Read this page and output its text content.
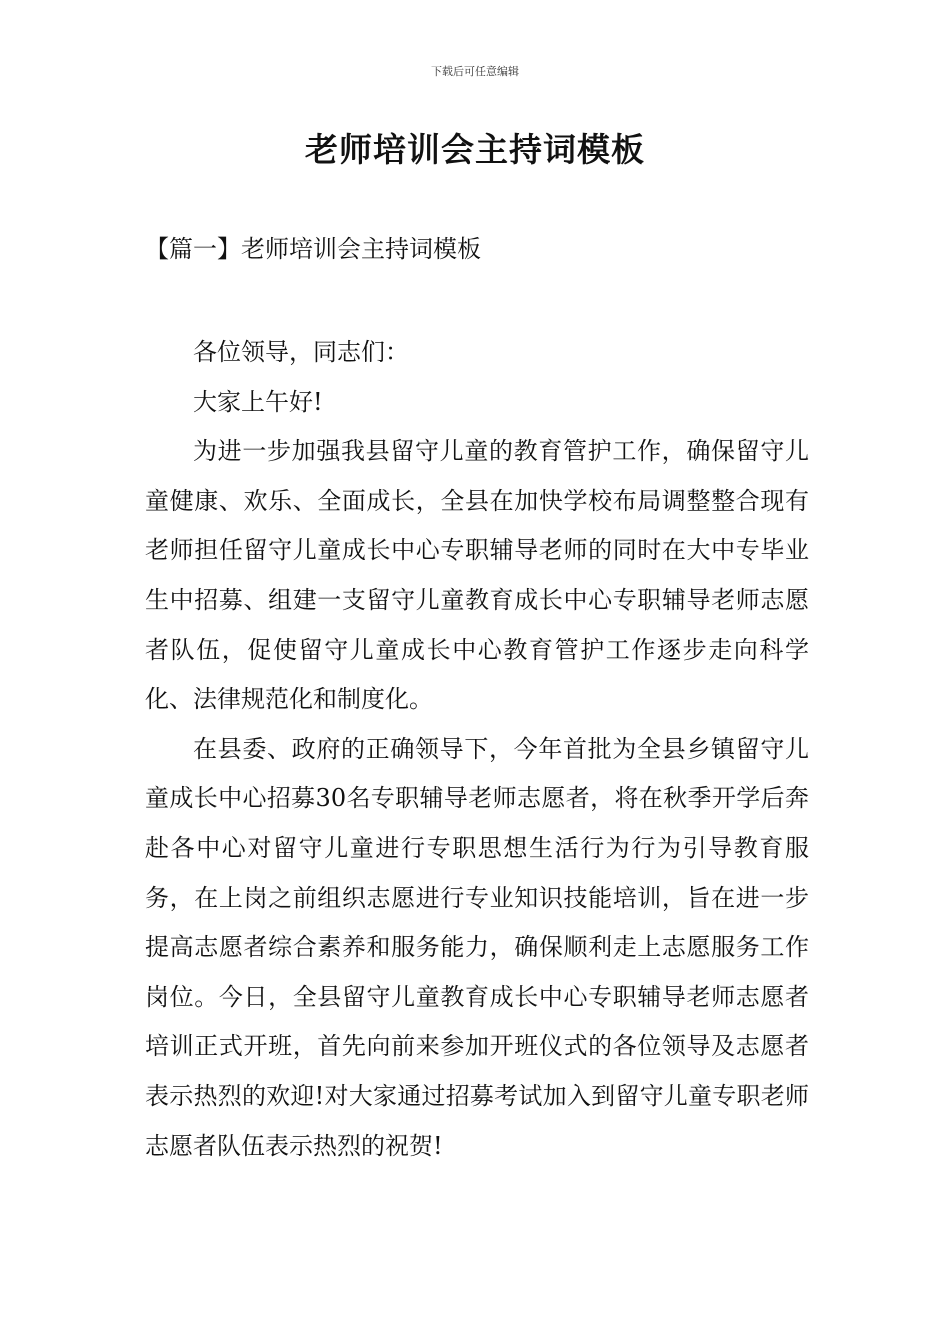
下载后可任意编辑
老师培训会主持词模板
【篇一】老师培训会主持词模板

各位领导，同志们：

大家上午好!

为进一步加强我县留守儿童的教育管护工作，确保留守儿童健康、欢乐、全面成长，全县在加快学校布局调整整合现有老师担任留守儿童成长中心专职辅导老师的同时在大中专毕业生中招募、组建一支留守儿童教育成长中心专职辅导老师志愿者队伍，促使留守儿童成长中心教育管护工作逐步走向科学化、法律规范化和制度化。

在县委、政府的正确领导下，今年首批为全县乡镇留守儿童成长中心招募30名专职辅导老师志愿者，将在秋季开学后奔赴各中心对留守儿童进行专职思想生活行为行为引导教育服务，在上岗之前组织志愿进行专业知识技能培训，旨在进一步提高志愿者综合素养和服务能力，确保顺利走上志愿服务工作岗位。今日，全县留守儿童教育成长中心专职辅导老师志愿者培训正式开班，首先向前来参加开班仪式的各位领导及志愿者表示热烈的欢迎!对大家通过招募考试加入到留守儿童专职老师志愿者队伍表示热烈的祝贺!
